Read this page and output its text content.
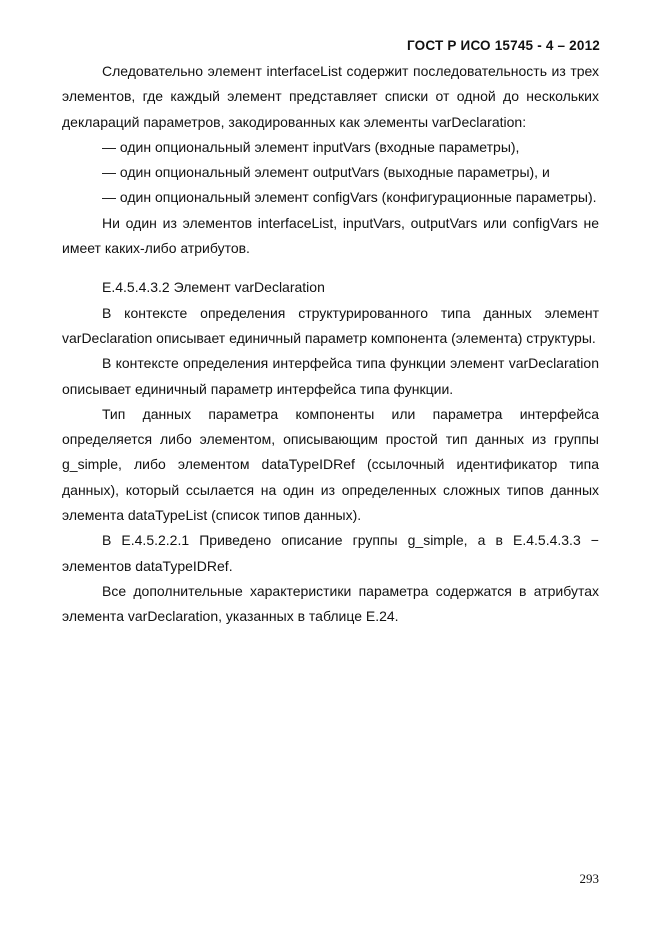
ГОСТ Р ИСО 15745 - 4 – 2012

Следовательно элемент interfaceList содержит последовательность из трех элементов, где каждый элемент представляет списки от одной до нескольких деклараций параметров, закодированных как элементы varDeclaration:

— один опциональный элемент inputVars (входные параметры),

— один опциональный элемент outputVars (выходные параметры), и

— один опциональный элемент configVars (конфигурационные параметры).

Ни один из элементов interfaceList, inputVars, outputVars или configVars не имеет каких-либо атрибутов.

Е.4.5.4.3.2 Элемент varDeclaration

В контексте определения структурированного типа данных элемент varDeclaration описывает единичный параметр компонента (элемента) структуры.

В контексте определения интерфейса типа функции элемент varDeclaration описывает единичный параметр интерфейса типа функции.

Тип данных параметра компоненты или параметра интерфейса определяется либо элементом, описывающим простой тип данных из группы g_simple, либо элементом dataTypeIDRef (ссылочный идентификатор типа данных), который ссылается на один из определенных сложных типов данных элемента dataTypeList (список типов данных).

В Е.4.5.2.2.1 Приведено описание группы g_simple, а в Е.4.5.4.3.3 − элементов dataTypeIDRef.

Все дополнительные характеристики параметра содержатся в атрибутах элемента varDeclaration, указанных в таблице Е.24.

293
